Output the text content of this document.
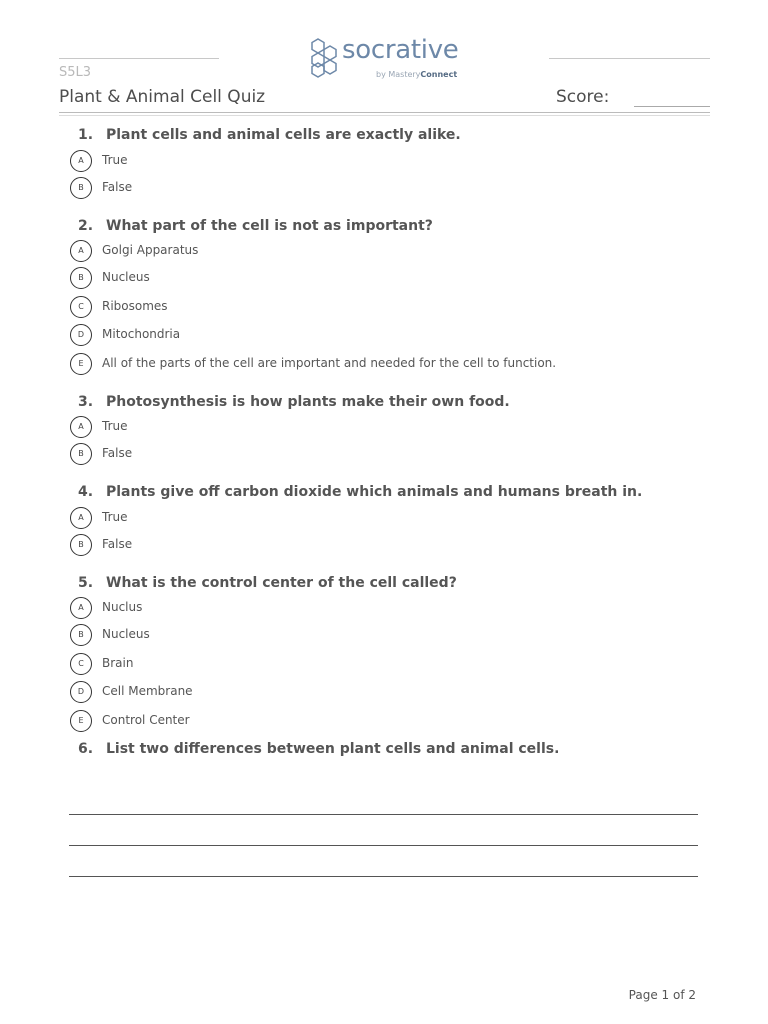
socrative
by MasteryConnect
S5L3
Plant & Animal Cell Quiz	Score:
1. Plant cells and animal cells are exactly alike.
A	True
B	False
2. What part of the cell is not as important?
A	Golgi Apparatus
B	Nucleus
C	Ribosomes
D	Mitochondria
E	All of the parts of the cell are important and needed for the cell to function.
3. Photosynthesis is how plants make their own food.
A	True
B	False
4. Plants give off carbon dioxide which animals and humans breath in.
A	True
B	False
5. What is the control center of the cell called?
A	Nuclus
B	Nucleus
C	Brain
D	Cell Membrane
E	Control Center
6. List two differences between plant cells and animal cells.
Page 1 of 2
